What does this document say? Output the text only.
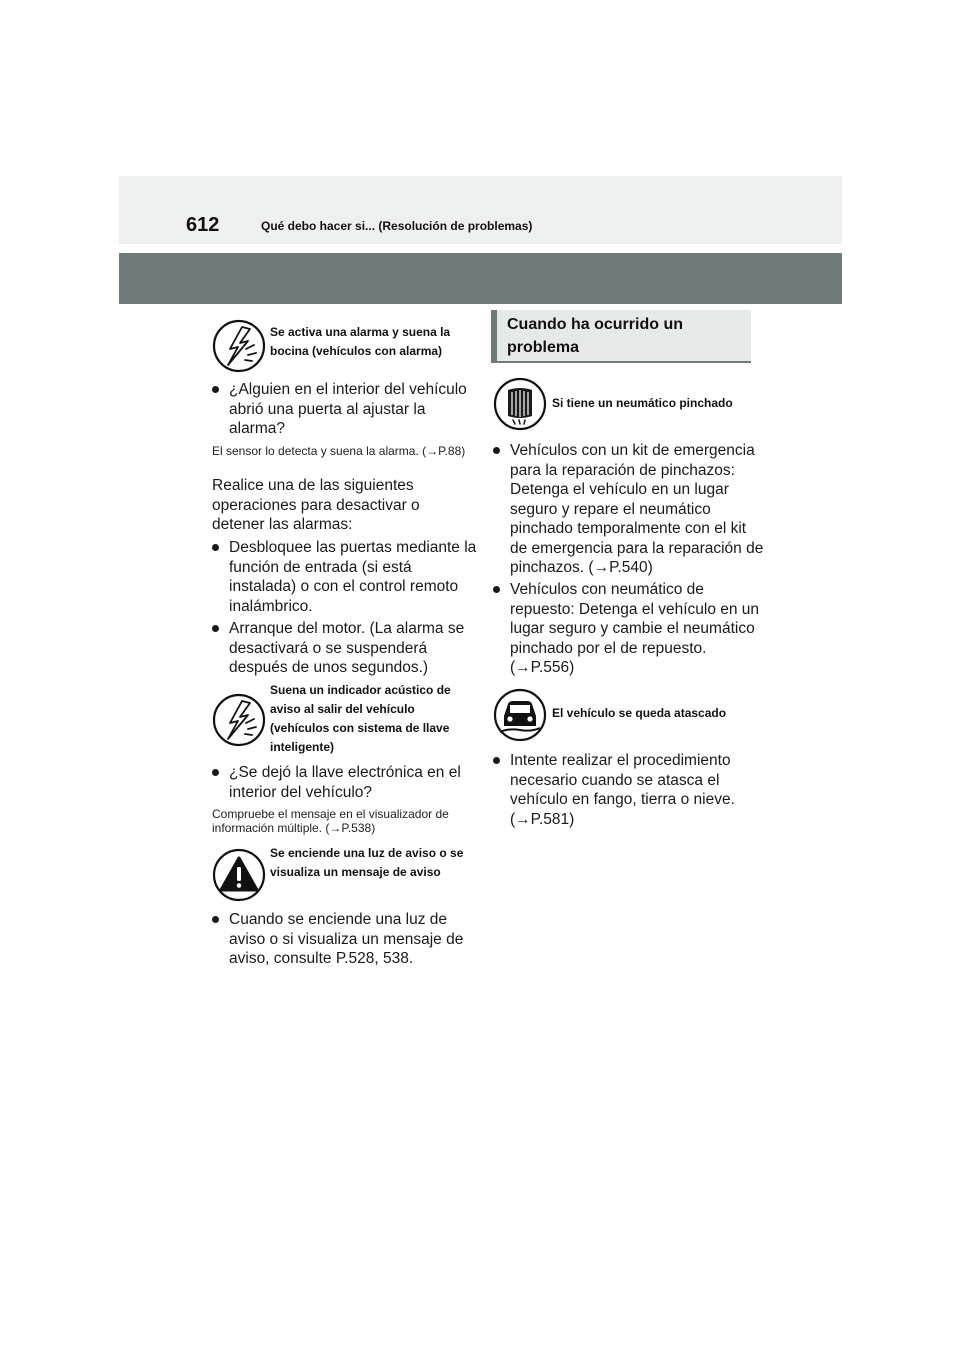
612	Qué debo hacer si... (Resolución de problemas)
Se activa una alarma y suena la bocina (vehículos con alarma)
¿Alguien en el interior del vehículo abrió una puerta al ajustar la alarma?
El sensor lo detecta y suena la alarma. (→P.88)
Realice una de las siguientes operaciones para desactivar o detener las alarmas:
Desbloquee las puertas mediante la función de entrada (si está instalada) o con el control remoto inalámbrico.
Arranque del motor. (La alarma se desactivará o se suspenderá después de unos segundos.)
Suena un indicador acústico de aviso al salir del vehículo (vehículos con sistema de llave inteligente)
¿Se dejó la llave electrónica en el interior del vehículo?
Compruebe el mensaje en el visualizador de información múltiple. (→P.538)
Se enciende una luz de aviso o se visualiza un mensaje de aviso
Cuando se enciende una luz de aviso o si visualiza un mensaje de aviso, consulte P.528, 538.
Cuando ha ocurrido un problema
Si tiene un neumático pinchado
Vehículos con un kit de emergencia para la reparación de pinchazos: Detenga el vehículo en un lugar seguro y repare el neumático pinchado temporalmente con el kit de emergencia para la reparación de pinchazos. (→P.540)
Vehículos con neumático de repuesto: Detenga el vehículo en un lugar seguro y cambie el neumático pinchado por el de repuesto. (→P.556)
El vehículo se queda atascado
Intente realizar el procedimiento necesario cuando se atasca el vehículo en fango, tierra o nieve. (→P.581)
